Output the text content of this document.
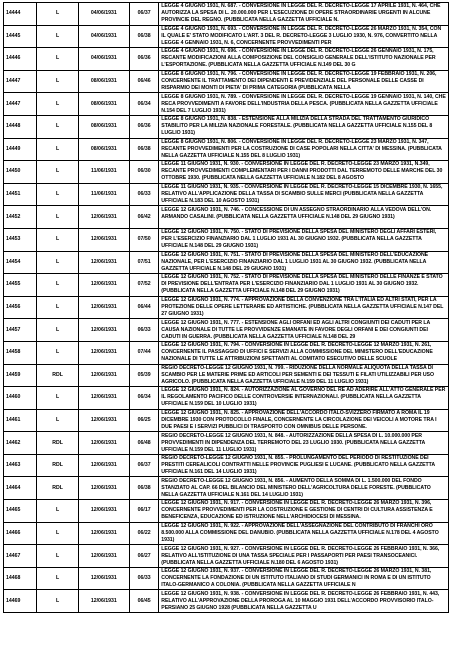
14444	L	04/06/1931	06/37	LEGGE 4 GIUGNO 1931, N. 687. - CONVERSIONE IN LEGGE DEL R. DECRETO-LEGGE 17 APRILE 1931, N. 464, CHE AUTORIZZA LA SPESA DI L. 20.000.000 PER L'ESECUZIONE DI OPERE STRAORDINARIE URGENTI IN ALCUNE PROVINCIE DEL REGNO. (PUBBLICATA NELLA GAZZETTA UFFICIALE N.

14445	L	04/06/1931	06/38	LEGGE 4 GIUGNO 1931, N. 693. - CONVERSIONE IN LEGGE DEL R. DECRETO-LEGGE 26 MARZO 1931, N. 354, CON IL QUALE E' STATO MODIFICATO L'ART. 3 DEL R. DECRETO-LEGGE 3 LUGLIO 1930, N. 976, CONVERTITO NELLA LEGGE 4 GENNAIO 1931, N. 6, CONCERNENTE PROVVEDIMENTI PER

14446	L	04/06/1931	06/36	LEGGE 4 GIUGNO 1931, N. 696. - CONVERSIONE IN LEGGE DEL R. DECRETO-LEGGE 26 GENNAIO 1931, N. 175, RECANTE MODIFICAZIONI ALLA COMPOSIZIONE DEL CONSIGLIO GENERALE DELL'ISTITUTO NAZIONALE PER L'ESPORTAZIONE. (PUBBLICATA NELLA GAZZETTA UFFICIALE N.149 DEL 30 G

14447	L	08/06/1931	06/46	LEGGE 8 GIUGNO 1931, N. 796. - CONVERSIONE IN LEGGE DEL R. DECRETO-LEGGE 19 FEBBRAIO 1931, N. 206, CONCERNENTE IL TRATTAMENTO DEI DIPENDENTI E PREVIDENZIALE DEL PERSONALE DELLE CASSE DI RISPARMIO DEI MONTI DI PIETA' DI PRIMA CATEGORIA (PUBBLICATA NELLA

14447	L	08/06/1931	06/34	LEGGE 8 GIUGNO 1931, N. 789. - CONVERSIONE IN LEGGE DEL R. DECRETO-LEGGE 19 GENNAIO 1931, N. 140, CHE RECA PROVVEDIMENTI A FAVORE DELL'INDUSTRIA DELLA PESCA. (PUBBLICATA NELLA GAZZETTA UFFICIALE N.154 DEL 7 LUGLIO 1931)

14448	L	08/06/1931	06/36	LEGGE 8 GIUGNO 1931, N. 838. - ESTENSIONE ALLA MILIZIA DELLA STRADA DEL TRATTAMENTO GIURIDICO STABILITO PER LA MILIZIA NAZIONALE FORESTALE. (PUBBLICATA NELLA GAZZETTA UFFICIALE N.155 DEL 8 LUGLIO 1931)

14449	L	08/06/1931	06/38	LEGGE 8 GIUGNO 1931, N. 806. - CONVERSIONE IN LEGGE DEL R. DECRETO-LEGGE 23 MARZO 1931, N. 347, RECANTE PROVVEDIMENTI PER LA COSTRUZIONE DI CASE POPOLARI NELLA CITTA' DI MESSINA. (PUBBLICATA NELLA GAZZETTA UFFICIALE N.155 DEL 8 LUGLIO 1931)

14450	L	11/06/1931	06/30	LEGGE 11 GIUGNO 1931, N. 930. - CONVERSIONE IN LEGGE DEL R. DECRETO-LEGGE 23 MARZO 1931, N.349, RECANTE PROVVEDIMENTI COMPLEMENTARI PER I DANNI PRODOTTI DAL TERREMOTO DELLE MARCHE DEL 30 OTTOBRE 1930. (PUBBLICATA NELLA GAZZETTA UFFICIALE N.182 DEL 8 AGOSTO

14451	L	11/06/1931	06/33	LEGGE 11 GIUGNO 1931, N. 935. - CONVERSIONE IN LEGGE DEL R. DECRETO-LEGGE 15 DICEMBRE 1930, N. 1655, RELATIVO ALL'APPLICAZIONE DELLA TASSA DI SCAMBIO SULLE MERCI (PUBBLICATA NELLA GAZZETTA UFFICIALE N.183 DEL 10 AGOSTO 1931)

14452	L	12/06/1931	06/42	LEGGE 12 GIUGNO 1931, N. 746. - CONCESSIONE DI UN ASSEGNO STRAORDINARIO ALLA VEDOVA DELL'ON. ARMANDO CASALINI. (PUBBLICATA NELLA GAZZETTA UFFICIALE N.148 DEL 29 GIUGNO 1931)

14453	L	12/06/1931	07/50	LEGGE 12 GIUGNO 1931, N. 750. - STATO DI PREVISIONE DELLA SPESA DEL MINISTERO DEGLI AFFARI ESTERI, PER L'ESERCIZIO FINANZIARIO DAL 1 LUGLIO 1931 AL 30 GIUGNO 1932. (PUBBLICATA NELLA GAZZETTA UFFICIALE N.148 DEL 29 GIUGNO 1931)

14454	L	12/06/1931	07/51	LEGGE 12 GIUGNO 1931, N. 751. - STATO DI PREVISIONE DELLA SPESA DEL MINISTERO DELL'EDUCAZIONE NAZIONALE, PER L'ESERCIZIO FINANZIARIO DAL 1 LUGLIO 1931 AL 30 GIUGNO 1932. (PUBBLICATA NELLA GAZZETTA UFFICIALE N.148 DEL 29 GIUGNO 1931)

14455	L	12/06/1931	07/52	LEGGE 12 GIUGNO 1931, N. 752. - STATO DI PREVISIONE DELLA SPESA DEL MINISTERO DELLE FINANZE E STATO DI PREVISIONE DELL'ENTRATA PER L'ESERCIZIO FINANZIARIO DAL 1 LUGLIO 1931 AL 30 GIUGNO 1932. (PUBBLICATA NELLA GAZZETTA UFFICIALE N.148 DEL 29 GIUGNO 1931)

14456	L	12/06/1931	06/44	LEGGE 12 GIUGNO 1931, N. 774. - APPROVAZIONE DELLA CONVENZIONE TRA L'ITALIA ED ALTRI STATI, PER LA PROTEZIONE DELLE OPERE LETTERARIE ED ARTISTICHE. (PUBBLICATA NELLA GAZZETTA UFFICIALE N.147 DEL 27 GIUGNO 1931)

14457	L	12/06/1931	06/33	LEGGE 12 GIUGNO 1931, N. 777. - ESTENSIONE AGLI ORFANI ED AGLI ALTRI CONGIUNTI DEI CADUTI PER LA CAUSA NAZIONALE DI TUTTE LE PROVVIDENZE EMANATE IN FAVORE DEGLI ORFANI E DEI CONGIUNTI DEI CADUTI IN GUERRA. (PUBBLICATA NELLA GAZZETTA UFFICIALE N.148 DEL 29

14458	L	12/06/1931	07/44	LEGGE 12 GIUGNO 1931, N. 794. - CONVERSIONE IN LEGGE DEL R. DECRETO-LEGGE 12 MARZO 1931, N. 261, CONCERNENTE IL PASSAGGIO DI UFFICI E SERVIZI ALLA COMMISSIONE DEL MINISTERO DELL'EDUCAZIONE NAZIONALE DI TUTTE LE ATTRIBUZIONI SPETTANTI AL COMITATO ESECUTIVO DELLE SCUOLE

14459	RDL	12/06/1931	05/39	REGIO DECRETO-LEGGE 12 GIUGNO 1931, N. 799. - RIDUZIONE DELLA NORMALE ALIQUOTA DELLA TASSA DI SCAMBIO PER LE MATERIE PRIME ED ARTICOLI PER SEMENTI E DEI TESSUTI E FILATI UTILIZZABILI PER USO AGRICOLO. (PUBBLICATA NELLA GAZZETTA UFFICIALE N.159 DEL 11 LUGLIO 1931)

14460	L	12/06/1931	06/34	LEGGE 12 GIUGNO 1931, N. 824. - AUTORIZZAZIONE AL GOVERNO DEL RE AD ADERIRE ALL'ATTO GENERALE PER IL REGOLAMENTO PACIFICO DELLE CONTROVERSIE INTERNAZIONALI. (PUBBLICATA NELLA GAZZETTA UFFICIALE N.159 DEL 10 LUGLIO 1931)

14461	L	12/06/1931	06/25	LEGGE 12 GIUGNO 1931, N. 825. - APPROVAZIONE DELL'ACCORDO ITALO-SVIZZERO FIRMATO A ROMA IL 19 DICEMBRE 1930 CON PROTOCOLLO FINALE, CONCERNENTE LA CIRCOLAZIONE DEI VEICOLI A MOTORE TRA I DUE PAESI E I SERVIZI PUBBLICI DI TRASPORTO CON OMNIBUS DELLE PERSONE.

14462	RDL	12/06/1931	06/48	REGIO DECRETO-LEGGE 12 GIUGNO 1931, N. 848. - AUTORIZZAZIONE DELLA SPESA DI L. 10.000.000 PER PROVVEDIMENTI IN DIPENDENZA DEL TERREMOTO DEL 23 LUGLIO 1930. (PUBBLICATA NELLA GAZZETTA UFFICIALE N.159 DEL 11 LUGLIO 1931)

14463	RDL	12/06/1931	06/37	REGIO DECRETO-LEGGE 12 GIUGNO 1931, N. 855. - PROLUNGAMENTO DEL PERIODO DI RESTITUZIONE DEI PRESTITI CEREALICOLI CONTRATTI NELLE PROVINCIE PUGLIESI E LUCANE. (PUBBLICATO NELLA GAZZETTA UFFICIALE N.161 DEL 14 LUGLIO 1931)

14464	RDL	12/06/1931	06/38	REGIO DECRETO-LEGGE 12 GIUGNO 1931, N. 856. - AUMENTO DELLA SOMMA DI L. 1.500.000 DEL FONDO STANZIATO AL CAP. 66 DEL BILANCIO DEL MINISTERO DELL'AGRICOLTURA DELLE FORESTE. (PUBBLICATO NELLA GAZZETTA UFFICIALE N.161 DEL 14 LUGLIO 1931)

14465	L	12/06/1931	06/17	LEGGE 12 GIUGNO 1931, N. 917. - CONVERSIONE IN LEGGE DEL R. DECRETO-LEGGE 26 MARZO 1931, N. 396, CONCERNENTE PROVVEDIMENTI PER LA COSTRUZIONE E GESTIONE DI CENTRI DI CULTURA ASSISTENZA E BENEFICENZA, EDUCAZIONE ED ISTRUZIONE NELL'ARCHIDIOCESI DI MESSINA.

14466	L	12/06/1931	06/22	LEGGE 12 GIUGNO 1931, N. 922. - APPROVAZIONE DELL'ASSEGNAZIONE DEL CONTRIBUTO DI FRANCHI ORO 8.500.000 ALLA COMMISSIONE DEL DANUBIO. (PUBBLICATA NELLA GAZZETTA UFFICIALE N.178 DEL 4 AGOSTO 1931)

14467	L	12/06/1931	06/27	LEGGE 12 GIUGNO 1931, N. 927. - CONVERSIONE IN LEGGE DEL R. DECRETO-LEGGE 26 FEBBRAIO 1931, N. 366, RELATIVO ALL'ISTITUZIONE DI UNA TASSA SPECIALE PER I PASSAPORTI PER PAESI TRANSOCEANICI. (PUBBLICATA NELLA GAZZETTA UFFICIALE N.180 DEL 6 AGOSTO 1931)

14468	L	12/06/1931	06/33	LEGGE 12 GIUGNO 1931, N. 937. - CONVERSIONE IN LEGGE DEL R. DECRETO-LEGGE 26 MARZO 1931, N. 381, CONCERNENTE LA FONDAZIONE DI UN ISTITUTO ITALIANO DI STUDI GERMANICI IN ROMA E DI UN ISTITUTO ITALO-GERMANICO A COLONIA. (PUBBLICATA NELLA GAZZETTA UFFICIALE N

14469	L	12/06/1931	06/45	LEGGE 12 GIUGNO 1931, N. 938. - CONVERSIONE IN LEGGE DEL R. DECRETO-LEGGE 26 FEBBRAIO 1931, N. 443, RELATIVO ALL'APPROVAZIONE DELLA PROROGA AL 10 MAGGIO 1931 DELL'ACCORDO PROVVISORIO ITALO-PERSIANO 25 GIUGNO 1928 (PUBBLICATA NELLA GAZZETTA U
